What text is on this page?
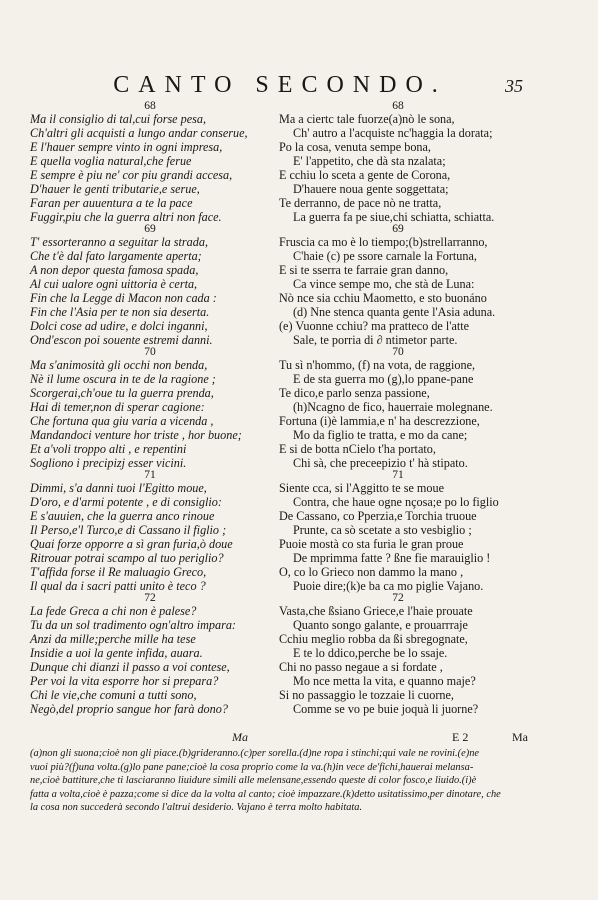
CANTO SECONDO.	35
68
Ma il consiglio di tal,cui forse pesa,
Ch'altri gli acquisti a lungo andar conserue,
E l'hauer sempre vinto in ogni impresa,
E quella voglia natural,che ferue
E sempre è piu ne' cor piu grandi accesa,
D'hauer le genti tributarie,e serue,
Faran per auuentura a te la pace
Fuggir,piu che la guerra altri non face.
69
T' essorteranno a seguitar la strada,
Che t'è dal fato largamente aperta;
A non depor questa famosa spada,
Al cui ualore ogni uittoria è certa,
Fin che la Legge di Macon non cada :
Fin che l'Asia per te non sia deserta.
Dolci cose ad udire, e dolci inganni,
Ond'escon poi souente estremi danni.
70
Ma s'animosità gli occhi non benda,
Nè il lume oscura in te de la ragione ;
Scorgerai,ch'oue tu la guerra prenda,
Hai di temer,non di sperar cagione:
Che fortuna qua giu varia a vicenda ,
Mandandoci venture hor triste , hor buone;
Et a'voli troppo alti , e repentini
Sogliono i precipizj esser vicini.
71
Dimmi, s'a danni tuoi l'Egitto moue,
D'oro, e d'armi potente , e di consiglio:
E s'auuien, che la guerra anco rinoue
Il Perso,e'l Turco,e di Cassano il figlio ;
Quai forze opporre a sì gran furia,ò doue
Ritrouar potrai scampo al tuo periglio?
T'affida forse il Re maluagio Greco,
Il qual da i sacri patti unito è teco ?
72
La fede Greca a chi non è palese?
Tu da un sol tradimento ogn'altro impara:
Anzi da mille;perche mille ha tese
Insidie a uoi la gente infida, auara.
Dunque chi dianzi il passo a voi contese,
Per voi la vita esporre hor si prepara?
Chi le vie,che comuni a tutti sono,
Negò,del proprio sangue hor farà dono?
68
Ma a ciertc tale fuorze(a)nò le sona,
Ch' autro a l'acquiste nc'haggia la dorata;
Po la cosa, venuta sempe bona,
E' l'appetito, che dà sta nzalata;
E cchiu lo sceta a gente de Corona,
D'hauere noua gente soggettata;
Te derranno, de pace nò ne tratta,
La guerra fa pe siue,chi schiatta, schiatta.
69
Fruscia ca mo è lo tiempo;(b)strellarranno,
C'haie (c) pe ssore carnale la Fortuna,
E si te sserra te farraie gran danno,
Ca vince sempe mo, che stà de Luna:
Nò nce sia cchiu Maometto, e sto buonáno
(d) Nne stenca quanta gente l'Asia aduna.
(e) Vuonne cchiu? ma pratteco de l'atte
Sale, te porria di ∂ ntimetor parte.
70
Tu sì n'hommo, (f) na vota, de raggione,
E de sta guerra mo (g),lo ppane-pane
Te dico,e parlo senza passione,
(h)Ncagno de fico, hauerraie molegnane.
Fortuna (i)è lammia,e n' ha descrezzione,
Mo da figlio te tratta, e mo da cane;
E si de botta nCielo t'ha portato,
Chi sà, che preceepizio t' hà stipato.
71
Siente cca, si l'Aggitto te se moue
Contra, che haue ogne nçosa;e po lo figlio
De Cassano, co Pperzia,e Torchia truoue
Prunte, ca sò scetate a sto vesbiglio ;
Puoie mostà co sta furia le gran proue
De mprimma fatte ? ßne fie marauiglio !
O, co lo Grieco non dammo la mano ,
Puoie dire;(k)e ba ca mo piglie Vajano.
72
Vasta,che ßsiano Griece,e l'haie prouate
Quanto songo galante, e prouarrrajе
Cchiu meglio robba da ßi sbregognate,
E te lo ddico,perche be lo ssaje.
Chi no passo negaue a si fordate ,
Mo nce metta la vita, e quanno maje?
Si no passaggio le tozzaie li cuorne,
Comme se vo pe buie joquà li juorne?
Ma	E 2	Ma

(a)non gli suona;cioè non gli piace.(b)griderannо.(c)per sorella.(d)ne ropa i stinchi;qui vale ne rovini.(e)ne

vuoi più?(f)una volta.(g)lo pane pane;cioè la cosa proprio come la va.(h)in vece de'fichi,hauerai melansa-

ne,cioè battiture,che ti lasciaranno liuidure simili alle melensane,essendo queste di color fosco,e liuido.(i)è

fatta a volta,cioè è pazza;come si dice da la volta al canto; cioè impazzare.(k)detto usitatissimo,per dinotare, che

la cosa non succederà secondo l'altrui desiderio. Vajano è terra molto habitata.
